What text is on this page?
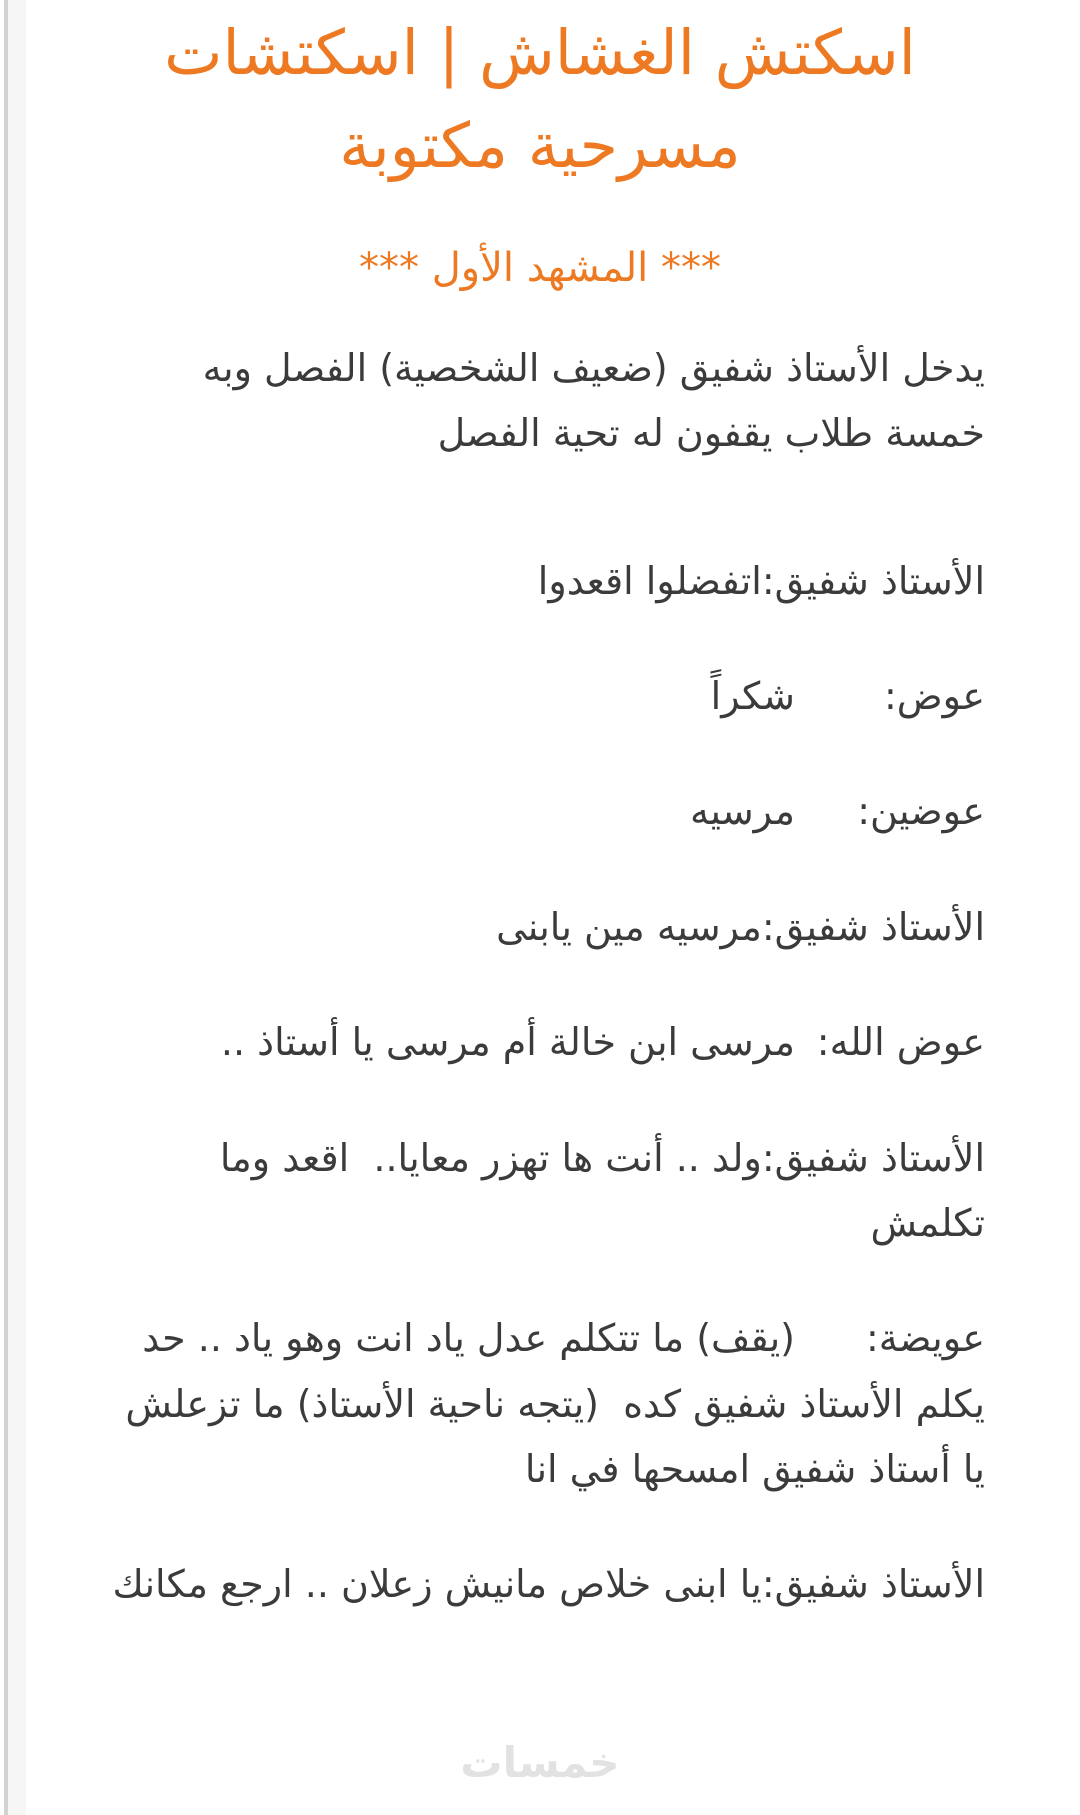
اسكتش الغشاش | اسكتشات مسرحية مكتوبة
*** المشهد الأول ***

يدخل الأستاذ شفيق (ضعيف الشخصية) الفصل وبه خمسة طلاب يقفون له تحية الفصل

الأستاذ شفيق:اتفضلوا اقعدوا

عوض:شكراً

عوضين:مرسيه

الأستاذ شفيق:مرسيه مين يابنى

عوض الله:مرسى ابن خالة أم مرسى يا أستاذ ..

الأستاذ شفيق:ولد .. أنت ها تهزر معايا..  اقعد وما تكلمش

عويضة:(يقف) ما تتكلم عدل ياد انت وهو ياد .. حد يكلم الأستاذ شفيق كده  (يتجه ناحية الأستاذ) ما تزعلش يا أستاذ شفيق امسحها في انا

الأستاذ شفيق:يا ابنى خلاص مانيش زعلان .. ارجع مكانك

خمسات
